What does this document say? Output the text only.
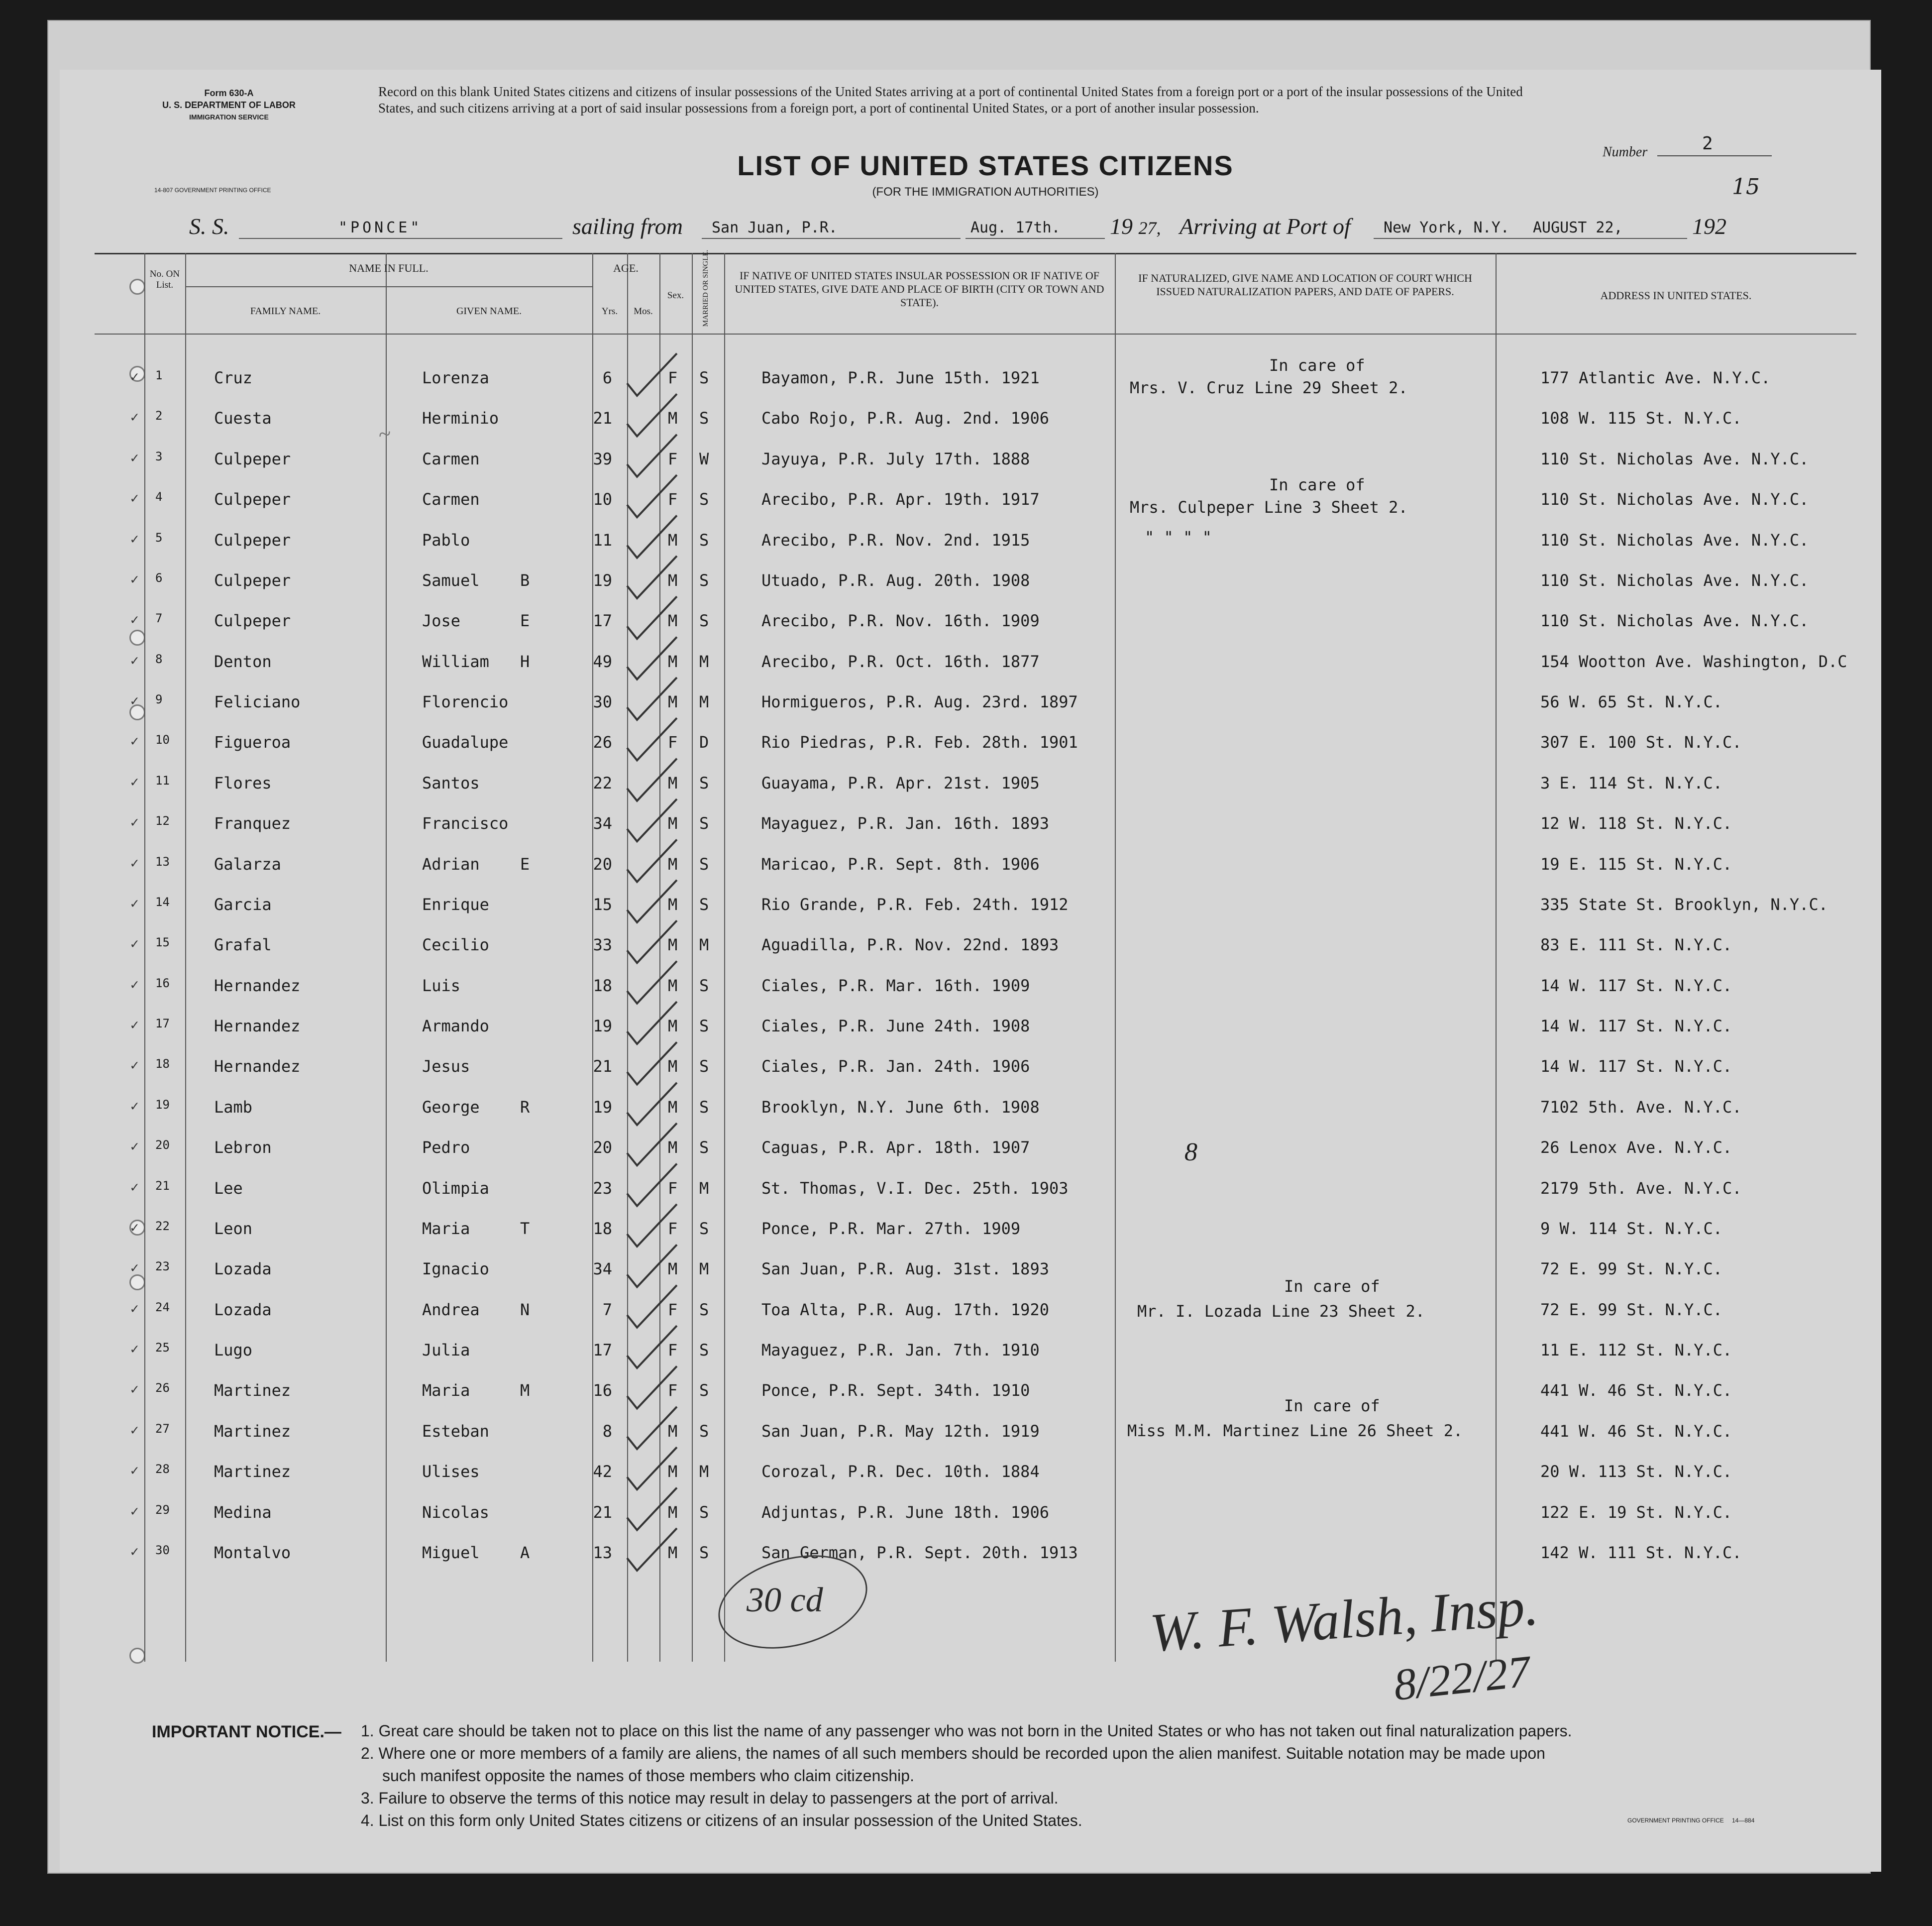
Form 630-A
U. S. DEPARTMENT OF LABOR
IMMIGRATION SERVICE
14-807 GOVERNMENT PRINTING OFFICE
Record on this blank United States citizens and citizens of insular possessions of the United States arriving at a port of continental United States from a foreign port or a port of the insular possessions of the United States, and such citizens arriving at a port of said insular possessions from a foreign port, a port of continental United States, or a port of another insular possession.
LIST OF UNITED STATES CITIZENS
(FOR THE IMMIGRATION AUTHORITIES)
Number	2
15
S. S.	"PONCE"	sailing from San Juan, P.R.	Aug. 17th. 19 27, Arriving at Port of New York, N.Y. AUGUST 22,	192
No. ON List.
NAME IN FULL.
FAMILY NAME.	GIVEN NAME.
AGE.
Yrs.	Mos.
Sex.	MARRIED OR SINGLE.	IF NATIVE OF UNITED STATES INSULAR POSSESSION OR IF NATIVE OF UNITED STATES, GIVE DATE AND PLACE OF BIRTH (CITY OR TOWN AND STATE).
IF NATURALIZED, GIVE NAME AND LOCATION OF COURT WHICH ISSUED NATURALIZATION PAPERS, AND DATE OF PAPERS.	ADDRESS IN UNITED STATES.
✓ 1	Cruz	Lorenza	6	F S	Bayamon, P.R. June 15th. 1921	177 Atlantic Ave. N.Y.C.
✓ 2	Cuesta	Herminio	21	M S	Cabo Rojo, P.R. Aug. 2nd. 1906	108 W. 115 St. N.Y.C.
✓ 3	Culpeper	Carmen	39	F W	Jayuya, P.R. July 17th. 1888	110 St. Nicholas Ave. N.Y.C.
✓ 4	Culpeper	Carmen	10	F S	Arecibo, P.R. Apr. 19th. 1917	110 St. Nicholas Ave. N.Y.C.
✓ 5	Culpeper	Pablo	11	M S	Arecibo, P.R. Nov. 2nd. 1915	110 St. Nicholas Ave. N.Y.C.
✓ 6	Culpeper	Samuel	B	19	M S	Utuado, P.R. Aug. 20th. 1908	110 St. Nicholas Ave. N.Y.C.
✓ 7	Culpeper	Jose	E	17	M S	Arecibo, P.R. Nov. 16th. 1909	110 St. Nicholas Ave. N.Y.C.
✓ 8	Denton	William H	49	M M	Arecibo, P.R. Oct. 16th. 1877	154 Wootton Ave. Washington, D.C
✓ 9	Feliciano	Florencio	30	M M	Hormigueros, P.R. Aug. 23rd. 1897	56 W. 65 St. N.Y.C.
✓ 10	Figueroa	Guadalupe	26	F D	Rio Piedras, P.R. Feb. 28th. 1901	307 E. 100 St. N.Y.C.
✓ 11	Flores	Santos	22	M S	Guayama, P.R. Apr. 21st. 1905	3 E. 114 St. N.Y.C.
✓ 12	Franquez	Francisco	34	M S	Mayaguez, P.R. Jan. 16th. 1893	12 W. 118 St. N.Y.C.
✓ 13	Galarza	Adrian	E	20	M S	Maricao, P.R. Sept. 8th. 1906	19 E. 115 St. N.Y.C.
✓ 14	Garcia	Enrique	15	M S	Rio Grande, P.R. Feb. 24th. 1912	335 State St. Brooklyn, N.Y.C.
✓ 15	Grafal	Cecilio	33	M M	Aguadilla, P.R. Nov. 22nd. 1893	83 E. 111 St. N.Y.C.
✓ 16	Hernandez	Luis	18	M S	Ciales, P.R. Mar. 16th. 1909	14 W. 117 St. N.Y.C.
✓ 17	Hernandez	Armando	19	M S	Ciales, P.R. June 24th. 1908	14 W. 117 St. N.Y.C.
✓ 18	Hernandez	Jesus	21	M S	Ciales, P.R. Jan. 24th. 1906	14 W. 117 St. N.Y.C.
✓ 19	Lamb	George	R	19	M S	Brooklyn, N.Y. June 6th. 1908	7102 5th. Ave. N.Y.C.
✓ 20	Lebron	Pedro	20	M S	Caguas, P.R. Apr. 18th. 1907	26 Lenox Ave. N.Y.C.
✓ 21	Lee	Olimpia	23	F M	St. Thomas, V.I. Dec. 25th. 1903	2179 5th. Ave. N.Y.C.
✓ 22	Leon	Maria	T	18	F S	Ponce, P.R. Mar. 27th. 1909	9 W. 114 St. N.Y.C.
✓ 23	Lozada	Ignacio	34	M M	San Juan, P.R. Aug. 31st. 1893	72 E. 99 St. N.Y.C.
✓ 24	Lozada	Andrea	N	7	F S	Toa Alta, P.R. Aug. 17th. 1920	72 E. 99 St. N.Y.C.
✓ 25	Lugo	Julia	17	F S	Mayaguez, P.R. Jan. 7th. 1910	11 E. 112 St. N.Y.C.
✓ 26	Martinez	Maria	M	16	F S	Ponce, P.R. Sept. 34th. 1910	441 W. 46 St. N.Y.C.
✓ 27	Martinez	Esteban	8	M S	San Juan, P.R. May 12th. 1919	441 W. 46 St. N.Y.C.
✓ 28	Martinez	Ulises	42	M M	Corozal, P.R. Dec. 10th. 1884	20 W. 113 St. N.Y.C.
✓ 29	Medina	Nicolas	21	M S	Adjuntas, P.R. June 18th. 1906	122 E. 19 St. N.Y.C.
✓ 30	Montalvo	Miguel	A	13	M S	San German, P.R. Sept. 20th. 1913	142 W. 111 St. N.Y.C.
In care of
Mrs. V. Cruz Line 29 Sheet 2.
In care of
Mrs. Culpeper Line 3 Sheet 2.
" " " "
In care of
Mr. I. Lozada Line 23 Sheet 2.
In care of
Miss M.M. Martinez Line 26 Sheet 2.
~
8
30 cd	W. F. Walsh, Insp.
8/22/27
IMPORTANT NOTICE.— 1. Great care should be taken not to place on this list the name of any passenger who was not born in the United States or who has not taken out final naturalization papers.
2. Where one or more members of a family are aliens, the names of all such members should be recorded upon the alien manifest. Suitable notation may be made upon
such manifest opposite the names of those members who claim citizenship.
3. Failure to observe the terms of this notice may result in delay to passengers at the port of arrival.
4. List on this form only United States citizens or citizens of an insular possession of the United States.	GOVERNMENT PRINTING OFFICE 14—884
